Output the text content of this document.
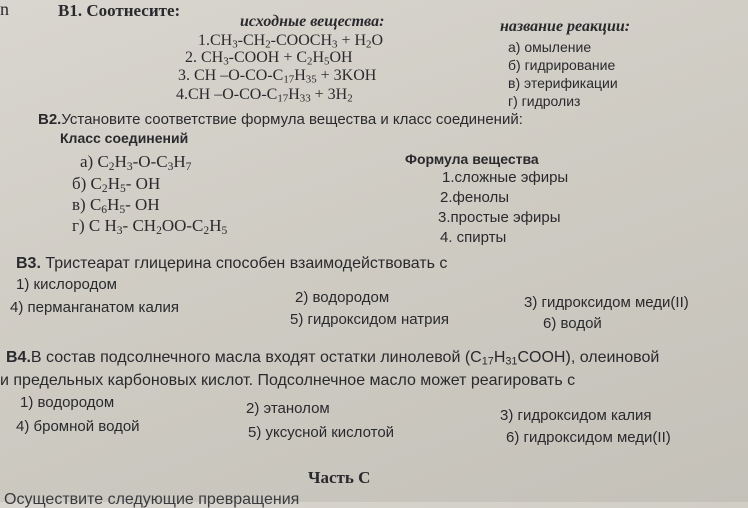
n	B1. Соотнесите:
исходные вещества:	название реакции:
$1.CH_3-CH_2-COOCH_3 + H_2O$
2. $CH_3$-COOH + $C_2H_5OH$
3. CH $-O-CO-C_{17}H_{35} + 3KOH$
4.CH $-O-CO-C_{17}H_{33} + 3H_2$
а) омыление
б) гидрирование
в) этерификации
г) гидролиз
B2.Установите соответствие формула вещества и класс соединений:
Класс соединений
Формула вещества
а) $C_2H_3-O-C_3H_7$
б) $C_2H_5-$ OH
в) $C_6H_5-$ OH
г) C $H_3-$ $CH_2OO-C_2H_5$
1.сложные эфиры
2.фенолы
3.простые эфиры
4. спирты
B3. Тристеарат глицерина способен взаимодействовать с
1) кислородом
2) водородом	3) гидроксидом меди(II)
4) перманганатом калия
5) гидроксидом натрия	6) водой
B4.В состав подсолнечного масла входят остатки линолевой $(C_{17}H_{31}COOH)$, олеиновой
и предельных карбоновых кислот. Подсолнечное масло может реагировать с
1) водородом	2) этанолом	3) гидроксидом калия
4) бромной водой	5) уксусной кислотой	6) гидроксидом меди(II)
Часть С
Осуществите следующие превращения
